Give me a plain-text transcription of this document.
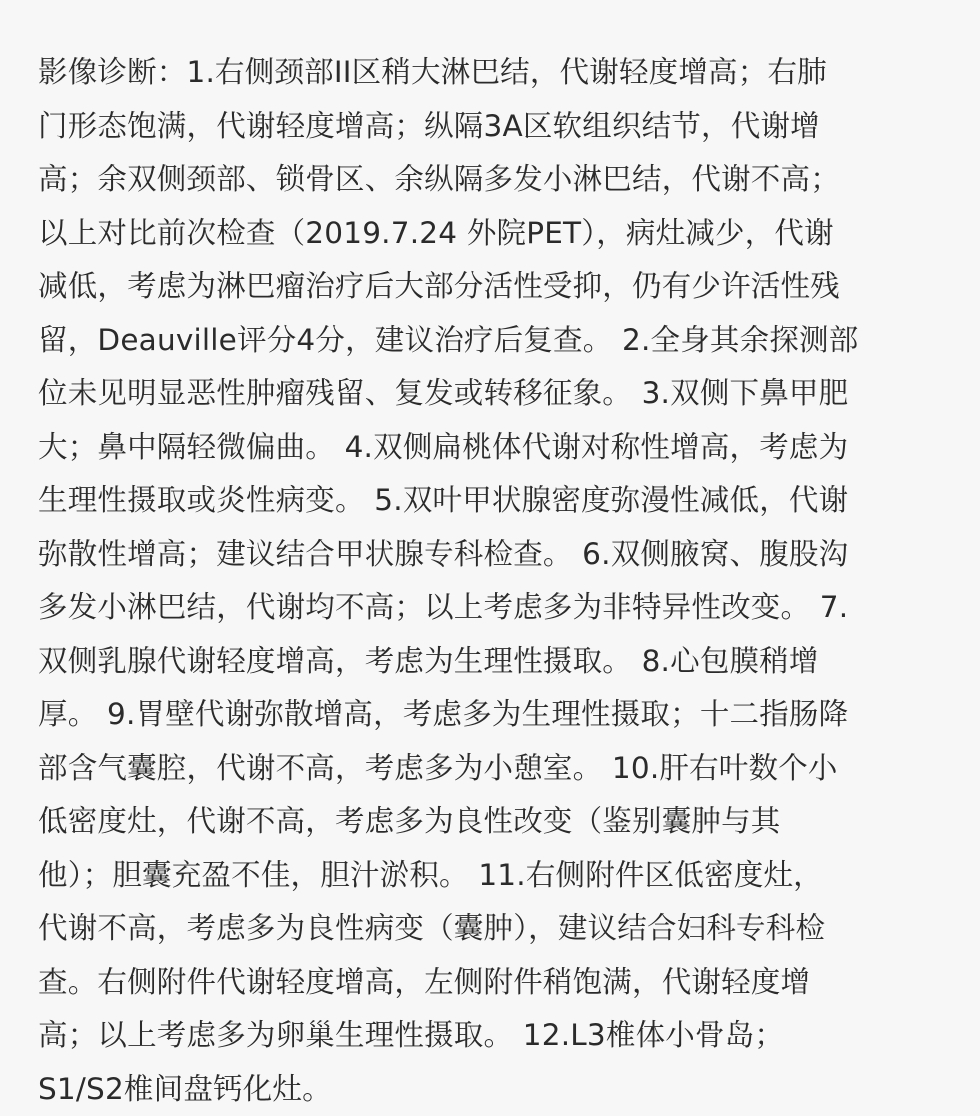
影像诊断：1.右侧颈部II区稍大淋巴结，代谢轻度增高；右肺
门形态饱满，代谢轻度增高；纵隔3A区软组织结节，代谢增
高；余双侧颈部、锁骨区、余纵隔多发小淋巴结，代谢不高；
以上对比前次检查（2019.7.24 外院PET），病灶减少，代谢
减低，考虑为淋巴瘤治疗后大部分活性受抑，仍有少许活性残
留，Deauville评分4分，建议治疗后复查。 2.全身其余探测部
位未见明显恶性肿瘤残留、复发或转移征象。 3.双侧下鼻甲肥
大；鼻中隔轻微偏曲。 4.双侧扁桃体代谢对称性增高，考虑为
生理性摄取或炎性病变。 5.双叶甲状腺密度弥漫性减低，代谢
弥散性增高；建议结合甲状腺专科检查。 6.双侧腋窝、腹股沟
多发小淋巴结，代谢均不高；以上考虑多为非特异性改变。 7.
双侧乳腺代谢轻度增高，考虑为生理性摄取。 8.心包膜稍增
厚。 9.胃壁代谢弥散增高，考虑多为生理性摄取；十二指肠降
部含气囊腔，代谢不高，考虑多为小憩室。 10.肝右叶数个小
低密度灶，代谢不高，考虑多为良性改变（鉴别囊肿与其
他）；胆囊充盈不佳，胆汁淤积。 11.右侧附件区低密度灶，
代谢不高，考虑多为良性病变（囊肿），建议结合妇科专科检
查。右侧附件代谢轻度增高，左侧附件稍饱满，代谢轻度增
高；以上考虑多为卵巢生理性摄取。 12.L3椎体小骨岛；
S1/S2椎间盘钙化灶。
